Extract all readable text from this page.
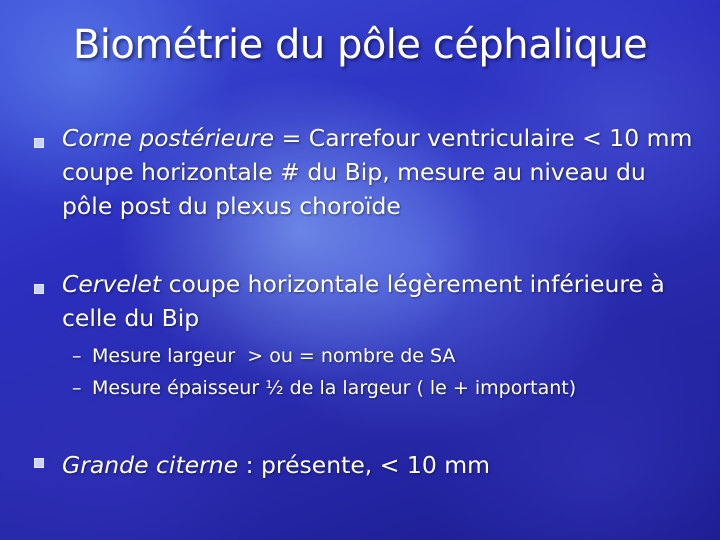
Biométrie du pôle céphalique
Corne postérieure = Carrefour ventriculaire < 10 mm coupe horizontale # du Bip, mesure au niveau du pôle post du plexus choroïde
Cervelet coupe horizontale légèrement inférieure à celle du Bip
– Mesure largeur  > ou = nombre de SA
– Mesure épaisseur ½ de la largeur ( le + important)
Grande citerne : présente, < 10 mm
